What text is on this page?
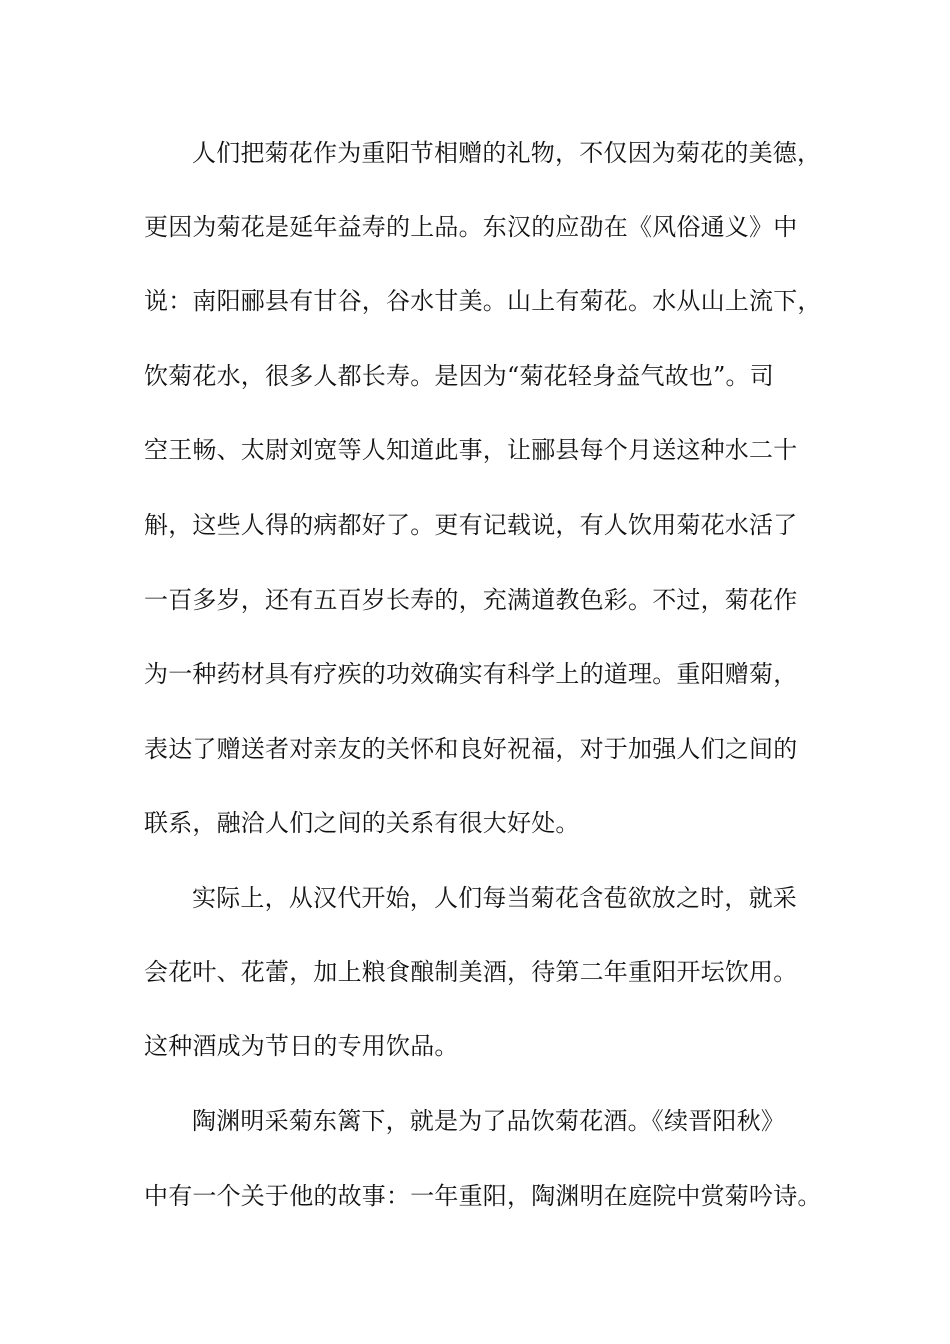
人们把菊花作为重阳节相赠的礼物，不仅因为菊花的美德，
更因为菊花是延年益寿的上品。东汉的应劭在《风俗通义》中
说：南阳郦县有甘谷，谷水甘美。山上有菊花。水从山上流下，
饮菊花水，很多人都长寿。是因为“菊花轻身益气故也”。司
空王畅、太尉刘宽等人知道此事，让郦县每个月送这种水二十
斛，这些人得的病都好了。更有记载说，有人饮用菊花水活了
一百多岁，还有五百岁长寿的，充满道教色彩。不过，菊花作
为一种药材具有疗疾的功效确实有科学上的道理。重阳赠菊，
表达了赠送者对亲友的关怀和良好祝福，对于加强人们之间的
联系，融洽人们之间的关系有很大好处。
实际上，从汉代开始，人们每当菊花含苞欲放之时，就采
会花叶、花蕾，加上粮食酿制美酒，待第二年重阳开坛饮用。
这种酒成为节日的专用饮品。
陶渊明采菊东篱下，就是为了品饮菊花酒。《续晋阳秋》
中有一个关于他的故事：一年重阳，陶渊明在庭院中赏菊吟诗。
